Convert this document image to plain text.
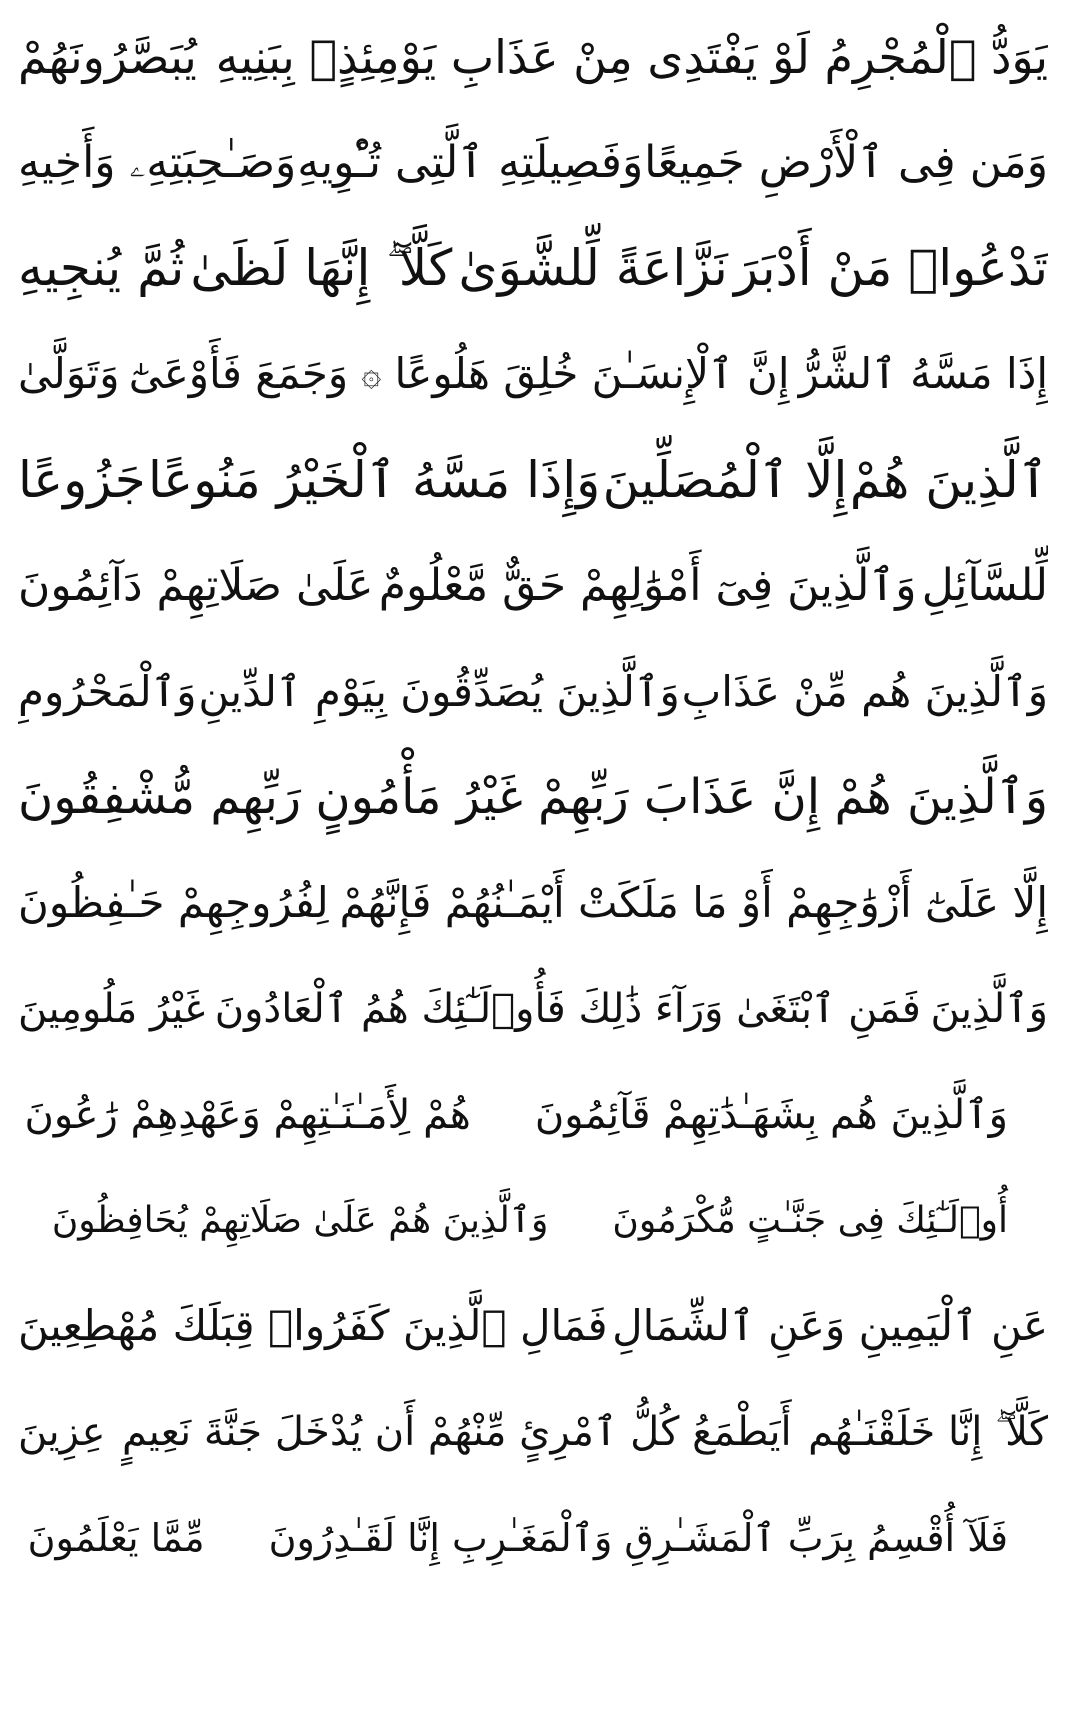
يَوَدُّ ٱلْمُجْرِمُ لَوْ يَفْتَدِى مِنْ عَذَابِ يَوْمِئِذٍۭ بِبَنِيهِ
يُبَصَّرُونَهُمْ
وَمَن فِى ٱلْأَرْضِ جَمِيعًا
وَفَصِيلَتِهِ ٱلَّتِى تُـْٔوِيهِ
وَصَـٰحِبَتِهِۦ وَأَخِيهِ
تَدْعُوا۟ مَنْ أَدْبَرَ
نَزَّاعَةً لِّلشَّوَىٰ
كَلَّآ ۖ إِنَّهَا لَظَىٰ
ثُمَّ يُنجِيهِ
إِذَا مَسَّهُ ٱلشَّرُّ
إِنَّ ٱلْإِنسَـٰنَ خُلِقَ هَلُوعًا
۞
وَجَمَعَ فَأَوْعَىٰٓ
وَتَوَلَّىٰ
ٱلَّذِينَ هُمْ
إِلَّا ٱلْمُصَلِّينَ
وَإِذَا مَسَّهُ ٱلْخَيْرُ مَنُوعًا
جَزُوعًا
لِّلسَّآئِلِ
وَٱلَّذِينَ فِىٓ أَمْوَٰلِهِمْ حَقٌّ مَّعْلُومٌ
عَلَىٰ صَلَاتِهِمْ دَآئِمُونَ
وَٱلَّذِينَ هُم مِّنْ عَذَابِ
وَٱلَّذِينَ يُصَدِّقُونَ بِيَوْمِ ٱلدِّينِ
وَٱلْمَحْرُومِ
وَٱلَّذِينَ هُمْ
إِنَّ عَذَابَ رَبِّهِمْ غَيْرُ مَأْمُونٍ
رَبِّهِم مُّشْفِقُونَ
إِلَّا عَلَىٰٓ أَزْوَٰجِهِمْ أَوْ مَا مَلَكَتْ أَيْمَـٰنُهُمْ فَإِنَّهُمْ
لِفُرُوجِهِمْ حَـٰفِظُونَ
وَٱلَّذِينَ
فَمَنِ ٱبْتَغَىٰ وَرَآءَ ذَٰلِكَ فَأُو۟لَـٰٓئِكَ هُمُ ٱلْعَادُونَ
غَيْرُ مَلُومِينَ
وَٱلَّذِينَ هُم بِشَهَـٰدَٰتِهِمْ قَآئِمُونَ
هُمْ لِأَمَـٰنَـٰتِهِمْ وَعَهْدِهِمْ رَٰعُونَ
أُو۟لَـٰٓئِكَ فِى جَنَّـٰتٍ مُّكْرَمُونَ
وَٱلَّذِينَ هُمْ عَلَىٰ صَلَاتِهِمْ يُحَافِظُونَ
عَنِ ٱلْيَمِينِ وَعَنِ ٱلشِّمَالِ
فَمَالِ ٱلَّذِينَ كَفَرُوا۟ قِبَلَكَ مُهْطِعِينَ
كَلَّآ ۖ إِنَّا خَلَقْنَـٰهُم
أَيَطْمَعُ كُلُّ ٱمْرِئٍ مِّنْهُمْ أَن يُدْخَلَ جَنَّةَ نَعِيمٍ
عِزِينَ
فَلَآ أُقْسِمُ بِرَبِّ ٱلْمَشَـٰرِقِ وَٱلْمَغَـٰرِبِ إِنَّا لَقَـٰدِرُونَ
مِّمَّا يَعْلَمُونَ
